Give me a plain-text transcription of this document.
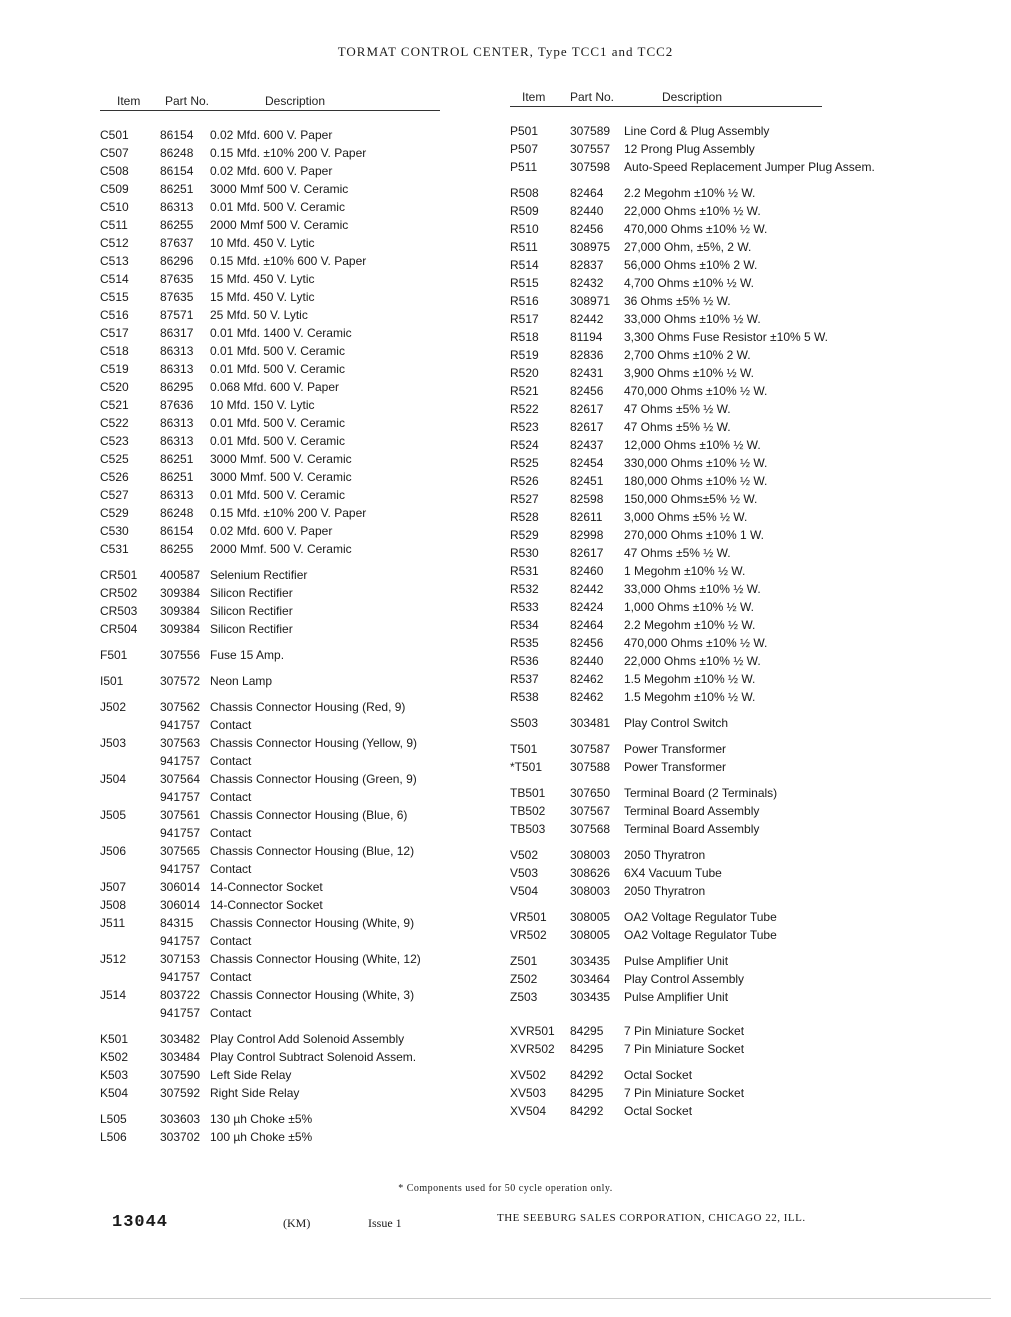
TORMAT CONTROL CENTER, Type TCC1 and TCC2
Item Part No.	Description
C501	86154 0.02 Mfd. 600 V. Paper
C507	86248 0.15 Mfd. ±10% 200 V. Paper
C508	86154 0.02 Mfd. 600 V. Paper
C509	86251 3000 Mmf 500 V. Ceramic
C510	86313 0.01 Mfd. 500 V. Ceramic
C511	86255 2000 Mmf 500 V. Ceramic
C512	87637 10 Mfd. 450 V. Lytic
C513	86296 0.15 Mfd. ±10% 600 V. Paper
C514	87635 15 Mfd. 450 V. Lytic
C515	87635 15 Mfd. 450 V. Lytic
C516	87571 25 Mfd. 50 V. Lytic
C517	86317 0.01 Mfd. 1400 V. Ceramic
C518	86313 0.01 Mfd. 500 V. Ceramic
C519	86313 0.01 Mfd. 500 V. Ceramic
C520	86295 0.068 Mfd. 600 V. Paper
C521	87636 10 Mfd. 150 V. Lytic
C522	86313 0.01 Mfd. 500 V. Ceramic
C523	86313 0.01 Mfd. 500 V. Ceramic
C525	86251 3000 Mmf. 500 V. Ceramic
C526	86251 3000 Mmf. 500 V. Ceramic
C527	86313 0.01 Mfd. 500 V. Ceramic
C529	86248 0.15 Mfd. ±10% 200 V. Paper
C530	86154 0.02 Mfd. 600 V. Paper
C531	86255 2000 Mmf. 500 V. Ceramic
CR501 400587 Selenium Rectifier
CR502 309384 Silicon Rectifier
CR503 309384 Silicon Rectifier
CR504 309384 Silicon Rectifier
F501	307556 Fuse 15 Amp.
I501	307572 Neon Lamp
J502	307562 Chassis Connector Housing (Red, 9)
941757 Contact
J503	307563 Chassis Connector Housing (Yellow, 9)
941757 Contact
J504	307564 Chassis Connector Housing (Green, 9)
941757 Contact
J505	307561 Chassis Connector Housing (Blue, 6)
941757 Contact
J506	307565 Chassis Connector Housing (Blue, 12)
941757 Contact
J507	306014 14-Connector Socket
J508	306014 14-Connector Socket
J511	84315 Chassis Connector Housing (White, 9)
941757 Contact
J512	307153 Chassis Connector Housing (White, 12)
941757 Contact
J514	803722 Chassis Connector Housing (White, 3)
941757 Contact
K501	303482 Play Control Add Solenoid Assembly
K502	303484 Play Control Subtract Solenoid Assem.
K503	307590 Left Side Relay
K504	307592 Right Side Relay
L505	303603 130 µh Choke ±5%
L506	303702 100 µh Choke ±5%
Item Part No.	Description
P501	307589 Line Cord & Plug Assembly
P507	307557 12 Prong Plug Assembly
P511	307598 Auto-Speed Replacement Jumper Plug Assem.
R508	82464 2.2 Megohm ±10% ½ W.
R509	82440 22,000 Ohms ±10% ½ W.
R510	82456 470,000 Ohms ±10% ½ W.
R511	308975 27,000 Ohm, ±5%, 2 W.
R514	82837 56,000 Ohms ±10% 2 W.
R515	82432 4,700 Ohms ±10% ½ W.
R516	308971 36 Ohms ±5% ½ W.
R517	82442 33,000 Ohms ±10% ½ W.
R518	81194 3,300 Ohms Fuse Resistor ±10% 5 W.
R519	82836 2,700 Ohms ±10% 2 W.
R520	82431 3,900 Ohms ±10% ½ W.
R521	82456 470,000 Ohms ±10% ½ W.
R522	82617 47 Ohms ±5% ½ W.
R523	82617 47 Ohms ±5% ½ W.
R524	82437 12,000 Ohms ±10% ½ W.
R525	82454 330,000 Ohms ±10% ½ W.
R526	82451 180,000 Ohms ±10% ½ W.
R527	82598 150,000 Ohms±5% ½ W.
R528	82611 3,000 Ohms ±5% ½ W.
R529	82998 270,000 Ohms ±10% 1 W.
R530	82617 47 Ohms ±5% ½ W.
R531	82460 1 Megohm ±10% ½ W.
R532	82442 33,000 Ohms ±10% ½ W.
R533	82424 1,000 Ohms ±10% ½ W.
R534	82464 2.2 Megohm ±10% ½ W.
R535	82456 470,000 Ohms ±10% ½ W.
R536	82440 22,000 Ohms ±10% ½ W.
R537	82462 1.5 Megohm ±10% ½ W.
R538	82462 1.5 Megohm ±10% ½ W.
S503	303481 Play Control Switch
T501	307587 Power Transformer
*T501 307588 Power Transformer
TB501 307650 Terminal Board (2 Terminals)
TB502 307567 Terminal Board Assembly
TB503 307568 Terminal Board Assembly
V502	308003 2050 Thyratron
V503	308626 6X4 Vacuum Tube
V504	308003 2050 Thyratron
VR501 308005 OA2 Voltage Regulator Tube
VR502 308005 OA2 Voltage Regulator Tube
Z501	303435 Pulse Amplifier Unit
Z502	303464 Play Control Assembly
Z503	303435 Pulse Amplifier Unit
XVR501 84295 7 Pin Miniature Socket
XVR502 84295 7 Pin Miniature Socket
XV502 84292 Octal Socket
XV503 84295 7 Pin Miniature Socket
XV504 84292 Octal Socket
* Components used for 50 cycle operation only.
13044	(KM)	Issue 1	THE SEEBURG SALES CORPORATION, CHICAGO 22, ILL.
